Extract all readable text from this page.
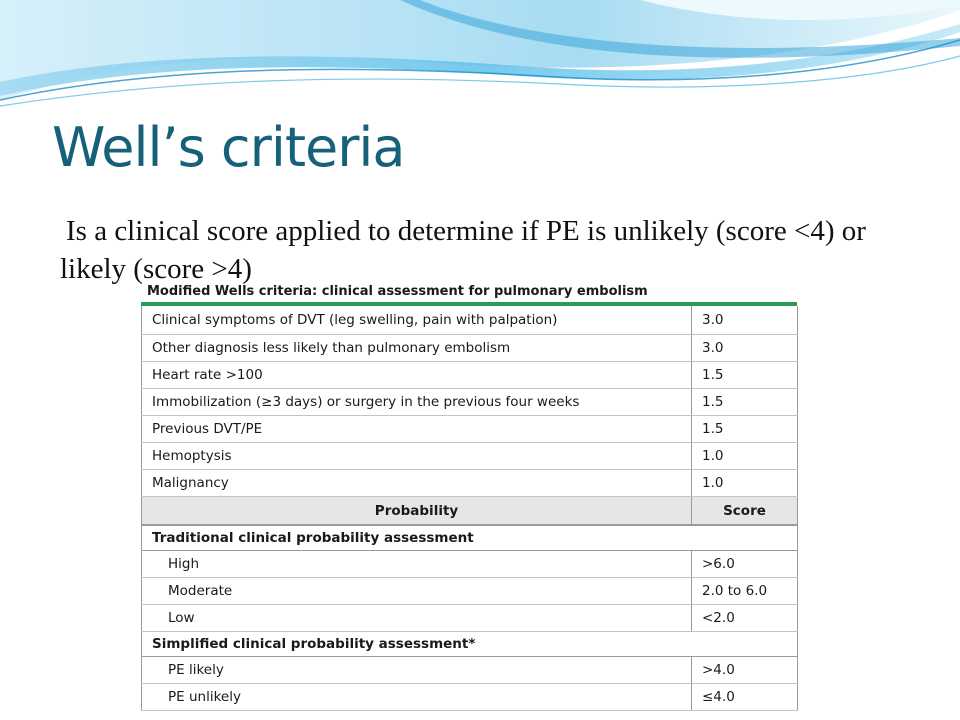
Well’s criteria

Is a clinical score applied to determine if PE is unlikely (score <4) or likely (score >4)

Modified Wells criteria: clinical assessment for pulmonary embolism
Clinical symptoms of DVT (leg swelling, pain with palpation)	3.0
Other diagnosis less likely than pulmonary embolism	3.0
Heart rate >100	1.5
Immobilization (≥3 days) or surgery in the previous four weeks	1.5
Previous DVT/PE	1.5
Hemoptysis	1.0
Malignancy	1.0
Probability	Score
Traditional clinical probability assessment	
High	>6.0
Moderate	2.0 to 6.0
Low	<2.0
Simplified clinical probability assessment*	
PE likely	>4.0
PE unlikely	≤4.0
